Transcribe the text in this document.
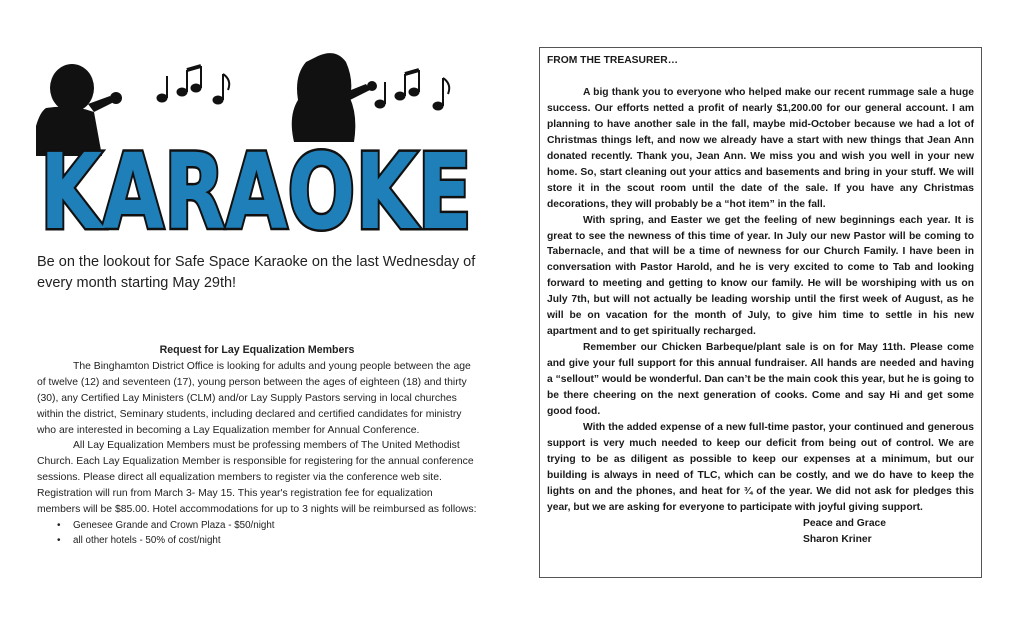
KARAOKE
Be on the lookout for Safe Space Karaoke on the last Wednesday of every month starting May 29th!
Request for Lay Equalization Members

The Binghamton District Office is looking for adults and young people between the age of twelve (12) and seventeen (17), young person between the ages of eighteen (18) and thirty (30), any Certified Lay Ministers (CLM) and/or Lay Supply Pastors serving in local churches within the district, Seminary students, including declared and certified candidates for ministry who are interested in becoming a Lay Equalization member for Annual Conference.

All Lay Equalization Members must be professing members of The United Methodist Church. Each Lay Equalization Member is responsible for registering for the annual conference sessions. Please direct all equalization members to register via the conference web site. Registration will run from March 3- May 15. This year's registration fee for equalization members will be $85.00. Hotel accommodations for up to 3 nights will be reimbursed as follows:

• Genesee Grande and Crown Plaza - $50/night
• all other hotels - 50% of cost/night
FROM THE TREASURER…

A big thank you to everyone who helped make our recent rummage sale a huge success. Our efforts netted a profit of nearly $1,200.00 for our general account. I am planning to have another sale in the fall, maybe mid-October because we had a lot of Christmas things left, and now we already have a start with new things that Jean Ann donated recently. Thank you, Jean Ann. We miss you and wish you well in your new home. So, start cleaning out your attics and basements and bring in your stuff. We will store it in the scout room until the date of the sale. If you have any Christmas decorations, they will probably be a “hot item” in the fall.

With spring, and Easter we get the feeling of new beginnings each year. It is great to see the newness of this time of year. In July our new Pastor will be coming to Tabernacle, and that will be a time of newness for our Church Family. I have been in conversation with Pastor Harold, and he is very excited to come to Tab and looking forward to meeting and getting to know our family. He will be worshiping with us on July 7th, but will not actually be leading worship until the first week of August, as he will be on vacation for the month of July, to give him time to settle in his new apartment and to get spiritually recharged.

Remember our Chicken Barbeque/plant sale is on for May 11th. Please come and give your full support for this annual fundraiser. All hands are needed and having a “sellout” would be wonderful. Dan can’t be the main cook this year, but he is going to be there cheering on the next generation of cooks. Come and say Hi and get some good food.

With the added expense of a new full-time pastor, your continued and generous support is very much needed to keep our deficit from being out of control. We are trying to be as diligent as possible to keep our expenses at a minimum, but our building is always in need of TLC, which can be costly, and we do have to keep the lights on and the phones, and heat for ¾ of the year. We did not ask for pledges this year, but we are asking for everyone to participate with joyful giving support.

Peace and Grace
Sharon Kriner
